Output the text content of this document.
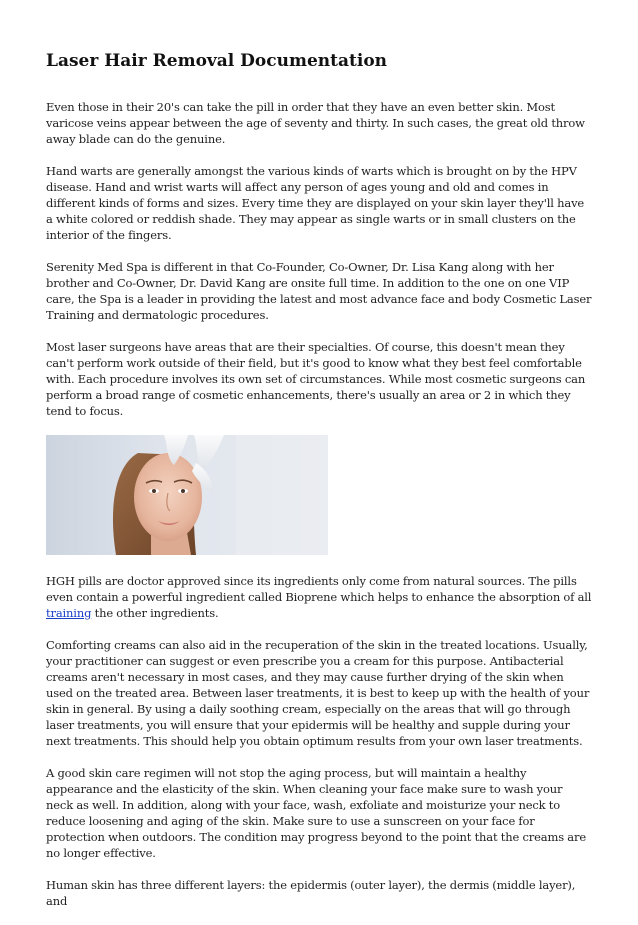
Laser Hair Removal Documentation

Even those in their 20's can take the pill in order that they have an even better skin. Most varicose veins appear between the age of seventy and thirty. In such cases, the great old throw away blade can do the genuine.

Hand warts are generally amongst the various kinds of warts which is brought on by the HPV disease. Hand and wrist warts will affect any person of ages young and old and comes in different kinds of forms and sizes. Every time they are displayed on your skin layer they'll have a white colored or reddish shade. They may appear as single warts or in small clusters on the interior of the fingers.

Serenity Med Spa is different in that Co-Founder, Co-Owner, Dr. Lisa Kang along with her brother and Co-Owner, Dr. David Kang are onsite full time. In addition to the one on one VIP care, the Spa is a leader in providing the latest and most advance face and body Cosmetic Laser Training and dermatologic procedures.

Most laser surgeons have areas that are their specialties. Of course, this doesn't mean they can't perform work outside of their field, but it's good to know what they best feel comfortable with. Each procedure involves its own set of circumstances. While most cosmetic surgeons can perform a broad range of cosmetic enhancements, there's usually an area or 2 in which they tend to focus.

HGH pills are doctor approved since its ingredients only come from natural sources. The pills even contain a powerful ingredient called Bioprene which helps to enhance the absorption of all training the other ingredients.

Comforting creams can also aid in the recuperation of the skin in the treated locations. Usually, your practitioner can suggest or even prescribe you a cream for this purpose. Antibacterial creams aren't necessary in most cases, and they may cause further drying of the skin when used on the treated area. Between laser treatments, it is best to keep up with the health of your skin in general. By using a daily soothing cream, especially on the areas that will go through laser treatments, you will ensure that your epidermis will be healthy and supple during your next treatments. This should help you obtain optimum results from your own laser treatments.

A good skin care regimen will not stop the aging process, but will maintain a healthy appearance and the elasticity of the skin. When cleaning your face make sure to wash your neck as well. In addition, along with your face, wash, exfoliate and moisturize your neck to reduce loosening and aging of the skin. Make sure to use a sunscreen on your face for protection when outdoors. The condition may progress beyond to the point that the creams are no longer effective.

Human skin has three different layers: the epidermis (outer layer), the dermis (middle layer), and
